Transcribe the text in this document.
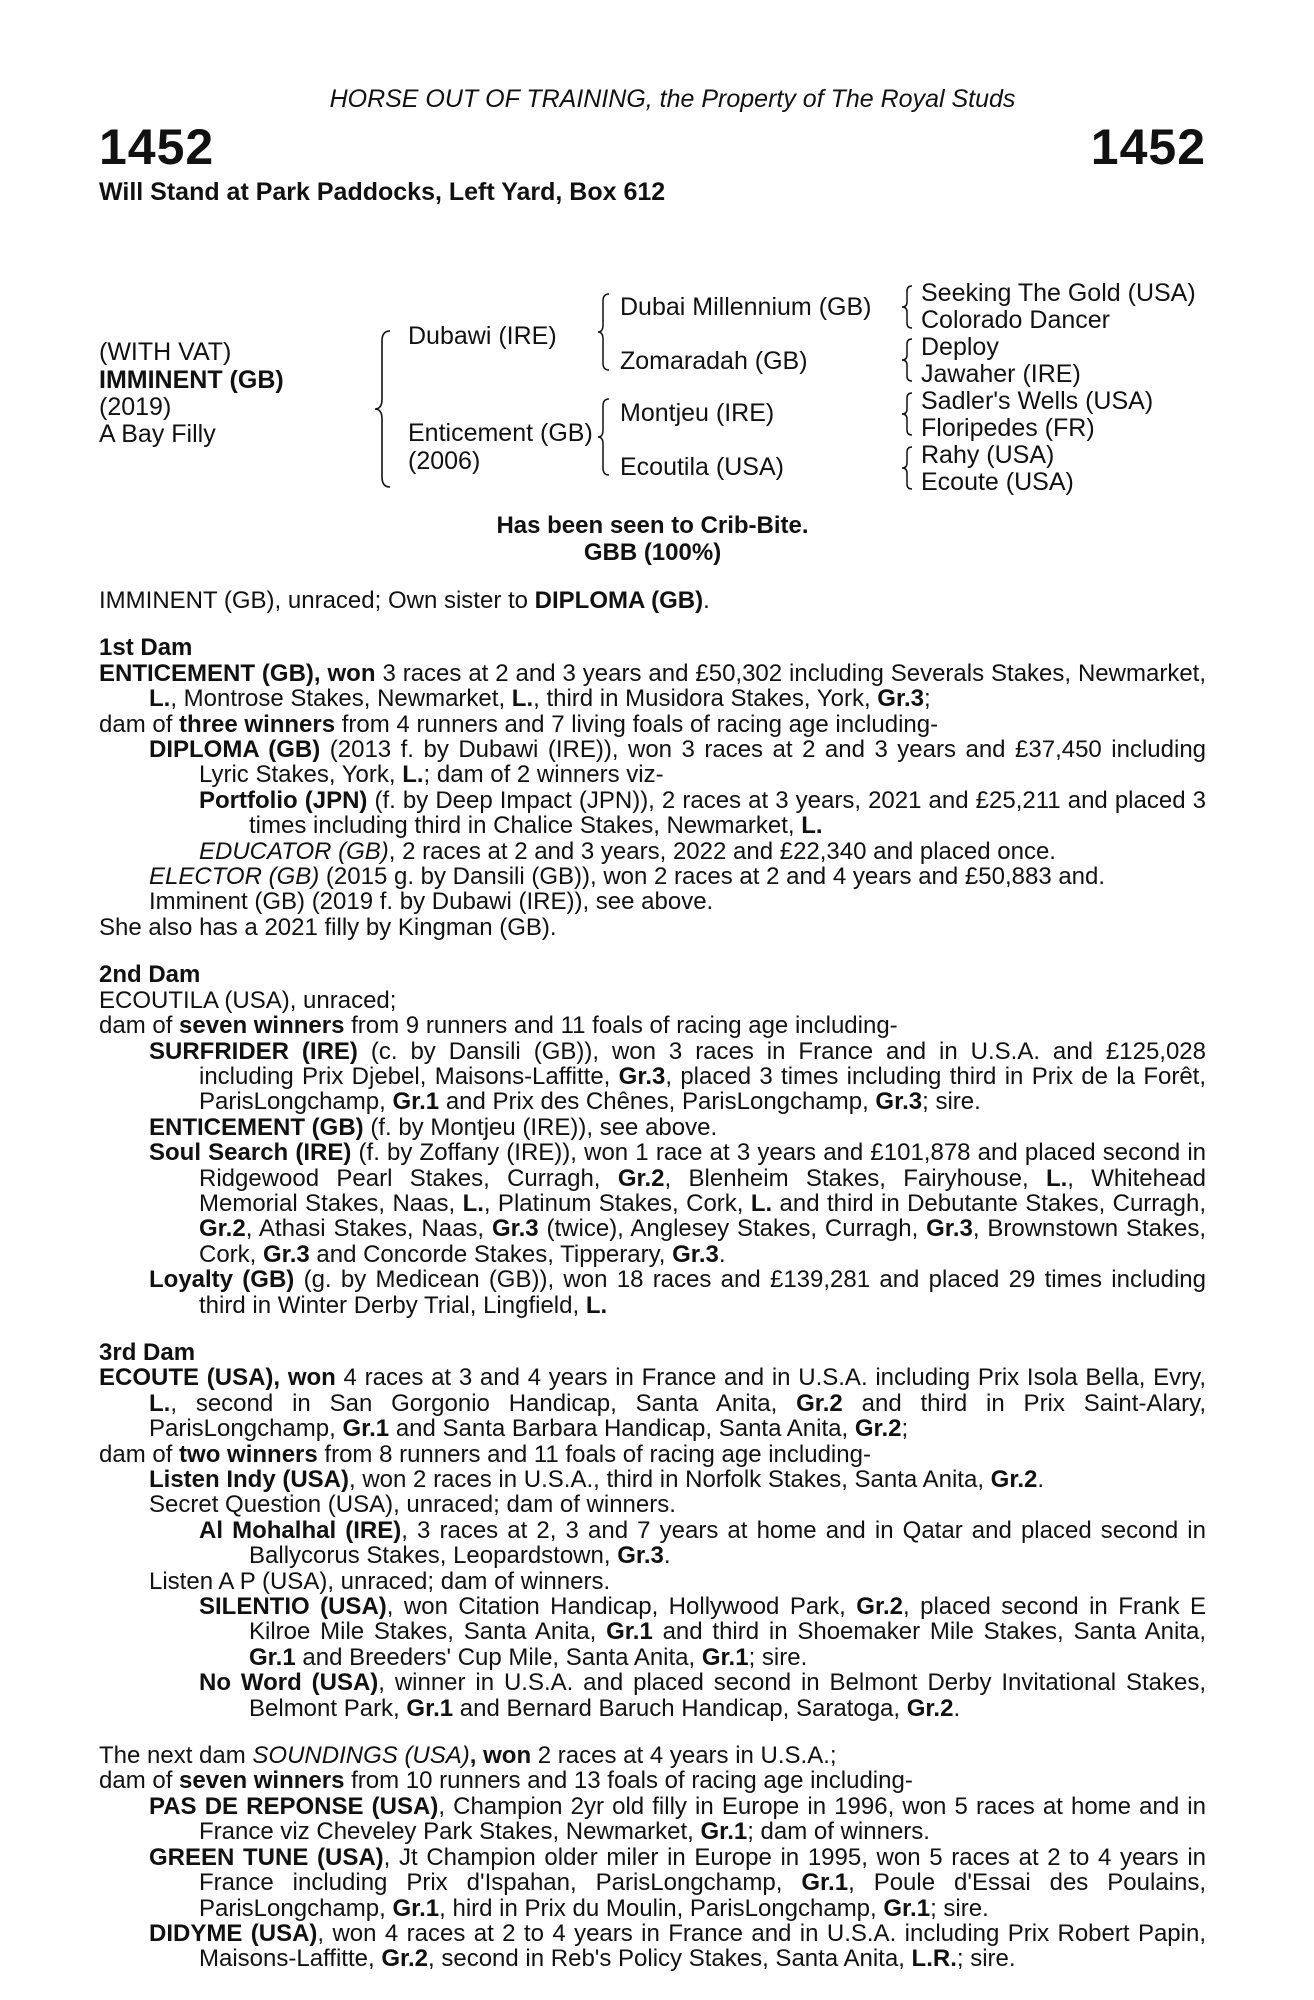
HORSE OUT OF TRAINING, the Property of The Royal Studs
1452	1452
Will Stand at Park Paddocks, Left Yard, Box 612
(WITH VAT)
IMMINENT (GB)
(2019)
A Bay Filly
Dubawi (IRE)
Enticement (GB)
(2006)
Dubai Millennium (GB)
Zomaradah (GB)
Montjeu (IRE)
Ecoutila (USA)
Seeking The Gold (USA)
Colorado Dancer
Deploy
Jawaher (IRE)
Sadler's Wells (USA)
Floripedes (FR)
Rahy (USA)
Ecoute (USA)
Has been seen to Crib-Bite.
GBB (100%)

IMMINENT (GB), unraced; Own sister to DIPLOMA (GB).

1st Dam

ENTICEMENT (GB), won 3 races at 2 and 3 years and £50,302 including Severals Stakes, Newmarket, L., Montrose Stakes, Newmarket, L., third in Musidora Stakes, York, Gr.3;

dam of three winners from 4 runners and 7 living foals of racing age including-

DIPLOMA (GB) (2013 f. by Dubawi (IRE)), won 3 races at 2 and 3 years and £37,450 including Lyric Stakes, York, L.; dam of 2 winners viz-

Portfolio (JPN) (f. by Deep Impact (JPN)), 2 races at 3 years, 2021 and £25,211 and placed 3 times including third in Chalice Stakes, Newmarket, L.

EDUCATOR (GB), 2 races at 2 and 3 years, 2022 and £22,340 and placed once.

ELECTOR (GB) (2015 g. by Dansili (GB)), won 2 races at 2 and 4 years and £50,883 and.

Imminent (GB) (2019 f. by Dubawi (IRE)), see above.

She also has a 2021 filly by Kingman (GB).

2nd Dam

ECOUTILA (USA), unraced;

dam of seven winners from 9 runners and 11 foals of racing age including-

SURFRIDER (IRE) (c. by Dansili (GB)), won 3 races in France and in U.S.A. and £125,028 including Prix Djebel, Maisons-Laffitte, Gr.3, placed 3 times including third in Prix de la Forêt, ParisLongchamp, Gr.1 and Prix des Chênes, ParisLongchamp, Gr.3; sire.

ENTICEMENT (GB) (f. by Montjeu (IRE)), see above.

Soul Search (IRE) (f. by Zoffany (IRE)), won 1 race at 3 years and £101,878 and placed second in Ridgewood Pearl Stakes, Curragh, Gr.2, Blenheim Stakes, Fairyhouse, L., Whitehead Memorial Stakes, Naas, L., Platinum Stakes, Cork, L. and third in Debutante Stakes, Curragh, Gr.2, Athasi Stakes, Naas, Gr.3 (twice), Anglesey Stakes, Curragh, Gr.3, Brownstown Stakes, Cork, Gr.3 and Concorde Stakes, Tipperary, Gr.3.

Loyalty (GB) (g. by Medicean (GB)), won 18 races and £139,281 and placed 29 times including third in Winter Derby Trial, Lingfield, L.

3rd Dam

ECOUTE (USA), won 4 races at 3 and 4 years in France and in U.S.A. including Prix Isola Bella, Evry, L., second in San Gorgonio Handicap, Santa Anita, Gr.2 and third in Prix Saint-Alary, ParisLongchamp, Gr.1 and Santa Barbara Handicap, Santa Anita, Gr.2;

dam of two winners from 8 runners and 11 foals of racing age including-

Listen Indy (USA), won 2 races in U.S.A., third in Norfolk Stakes, Santa Anita, Gr.2.

Secret Question (USA), unraced; dam of winners.

Al Mohalhal (IRE), 3 races at 2, 3 and 7 years at home and in Qatar and placed second in Ballycorus Stakes, Leopardstown, Gr.3.

Listen A P (USA), unraced; dam of winners.

SILENTIO (USA), won Citation Handicap, Hollywood Park, Gr.2, placed second in Frank E Kilroe Mile Stakes, Santa Anita, Gr.1 and third in Shoemaker Mile Stakes, Santa Anita, Gr.1 and Breeders' Cup Mile, Santa Anita, Gr.1; sire.

No Word (USA), winner in U.S.A. and placed second in Belmont Derby Invitational Stakes, Belmont Park, Gr.1 and Bernard Baruch Handicap, Saratoga, Gr.2.

The next dam SOUNDINGS (USA), won 2 races at 4 years in U.S.A.;

dam of seven winners from 10 runners and 13 foals of racing age including-

PAS DE REPONSE (USA), Champion 2yr old filly in Europe in 1996, won 5 races at home and in France viz Cheveley Park Stakes, Newmarket, Gr.1; dam of winners.

GREEN TUNE (USA), Jt Champion older miler in Europe in 1995, won 5 races at 2 to 4 years in France including Prix d'Ispahan, ParisLongchamp, Gr.1, Poule d'Essai des Poulains, ParisLongchamp, Gr.1, hird in Prix du Moulin, ParisLongchamp, Gr.1; sire.

DIDYME (USA), won 4 races at 2 to 4 years in France and in U.S.A. including Prix Robert Papin, Maisons-Laffitte, Gr.2, second in Reb's Policy Stakes, Santa Anita, L.R.; sire.
